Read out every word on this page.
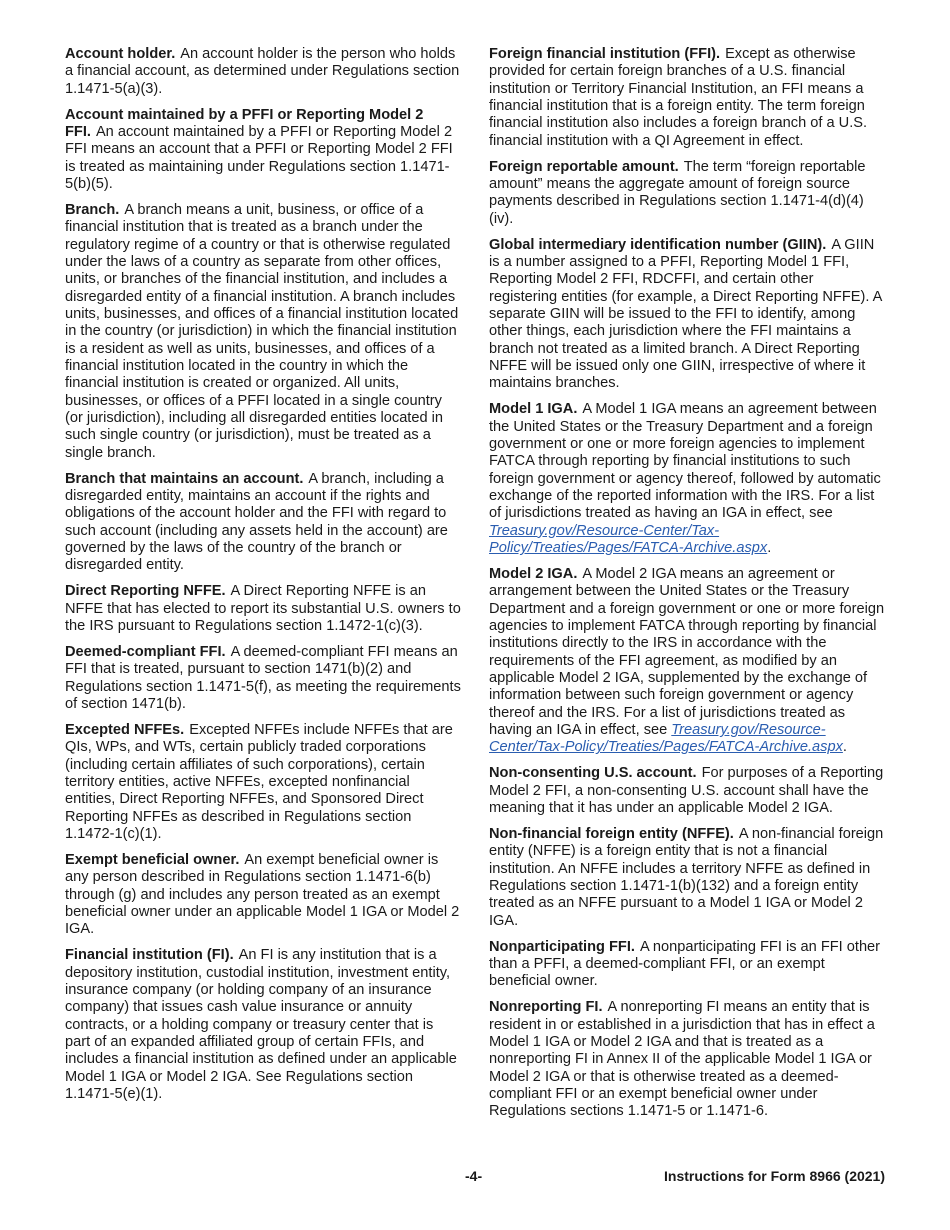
Account holder. An account holder is the person who holds a financial account, as determined under Regulations section 1.1471-5(a)(3).

Account maintained by a PFFI or Reporting Model 2 FFI. An account maintained by a PFFI or Reporting Model 2 FFI means an account that a PFFI or Reporting Model 2 FFI is treated as maintaining under Regulations section 1.1471-5(b)(5).

Branch. A branch means a unit, business, or office of a financial institution that is treated as a branch under the regulatory regime of a country or that is otherwise regulated under the laws of a country as separate from other offices, units, or branches of the financial institution, and includes a disregarded entity of a financial institution. A branch includes units, businesses, and offices of a financial institution located in the country (or jurisdiction) in which the financial institution is a resident as well as units, businesses, and offices of a financial institution located in the country in which the financial institution is created or organized. All units, businesses, or offices of a PFFI located in a single country (or jurisdiction), including all disregarded entities located in such single country (or jurisdiction), must be treated as a single branch.

Branch that maintains an account. A branch, including a disregarded entity, maintains an account if the rights and obligations of the account holder and the FFI with regard to such account (including any assets held in the account) are governed by the laws of the country of the branch or disregarded entity.

Direct Reporting NFFE. A Direct Reporting NFFE is an NFFE that has elected to report its substantial U.S. owners to the IRS pursuant to Regulations section 1.1472-1(c)(3).

Deemed-compliant FFI. A deemed-compliant FFI means an FFI that is treated, pursuant to section 1471(b)(2) and Regulations section 1.1471-5(f), as meeting the requirements of section 1471(b).

Excepted NFFEs. Excepted NFFEs include NFFEs that are QIs, WPs, and WTs, certain publicly traded corporations (including certain affiliates of such corporations), certain territory entities, active NFFEs, excepted nonfinancial entities, Direct Reporting NFFEs, and Sponsored Direct Reporting NFFEs as described in Regulations section 1.1472-1(c)(1).

Exempt beneficial owner. An exempt beneficial owner is any person described in Regulations section 1.1471-6(b) through (g) and includes any person treated as an exempt beneficial owner under an applicable Model 1 IGA or Model 2 IGA.

Financial institution (FI). An FI is any institution that is a depository institution, custodial institution, investment entity, insurance company (or holding company of an insurance company) that issues cash value insurance or annuity contracts, or a holding company or treasury center that is part of an expanded affiliated group of certain FFIs, and includes a financial institution as defined under an applicable Model 1 IGA or Model 2 IGA. See Regulations section 1.1471-5(e)(1).

Foreign financial institution (FFI). Except as otherwise provided for certain foreign branches of a U.S. financial institution or Territory Financial Institution, an FFI means a financial institution that is a foreign entity. The term foreign financial institution also includes a foreign branch of a U.S. financial institution with a QI Agreement in effect.

Foreign reportable amount. The term “foreign reportable amount” means the aggregate amount of foreign source payments described in Regulations section 1.1471-4(d)(4)(iv).

Global intermediary identification number (GIIN). A GIIN is a number assigned to a PFFI, Reporting Model 1 FFI, Reporting Model 2 FFI, RDCFFI, and certain other registering entities (for example, a Direct Reporting NFFE). A separate GIIN will be issued to the FFI to identify, among other things, each jurisdiction where the FFI maintains a branch not treated as a limited branch. A Direct Reporting NFFE will be issued only one GIIN, irrespective of where it maintains branches.

Model 1 IGA. A Model 1 IGA means an agreement between the United States or the Treasury Department and a foreign government or one or more foreign agencies to implement FATCA through reporting by financial institutions to such foreign government or agency thereof, followed by automatic exchange of the reported information with the IRS. For a list of jurisdictions treated as having an IGA in effect, see Treasury.gov/Resource-Center/Tax-Policy/Treaties/Pages/FATCA-Archive.aspx.

Model 2 IGA. A Model 2 IGA means an agreement or arrangement between the United States or the Treasury Department and a foreign government or one or more foreign agencies to implement FATCA through reporting by financial institutions directly to the IRS in accordance with the requirements of the FFI agreement, as modified by an applicable Model 2 IGA, supplemented by the exchange of information between such foreign government or agency thereof and the IRS. For a list of jurisdictions treated as having an IGA in effect, see Treasury.gov/Resource-Center/Tax-Policy/Treaties/Pages/FATCA-Archive.aspx.

Non-consenting U.S. account. For purposes of a Reporting Model 2 FFI, a non-consenting U.S. account shall have the meaning that it has under an applicable Model 2 IGA.

Non-financial foreign entity (NFFE). A non-financial foreign entity (NFFE) is a foreign entity that is not a financial institution. An NFFE includes a territory NFFE as defined in Regulations section 1.1471-1(b)(132) and a foreign entity treated as an NFFE pursuant to a Model 1 IGA or Model 2 IGA.

Nonparticipating FFI. A nonparticipating FFI is an FFI other than a PFFI, a deemed-compliant FFI, or an exempt beneficial owner.

Nonreporting FI. A nonreporting FI means an entity that is resident in or established in a jurisdiction that has in effect a Model 1 IGA or Model 2 IGA and that is treated as a nonreporting FI in Annex II of the applicable Model 1 IGA or Model 2 IGA or that is otherwise treated as a deemed-compliant FFI or an exempt beneficial owner under Regulations sections 1.1471-5 or 1.1471-6.

-4-	Instructions for Form 8966 (2021)
